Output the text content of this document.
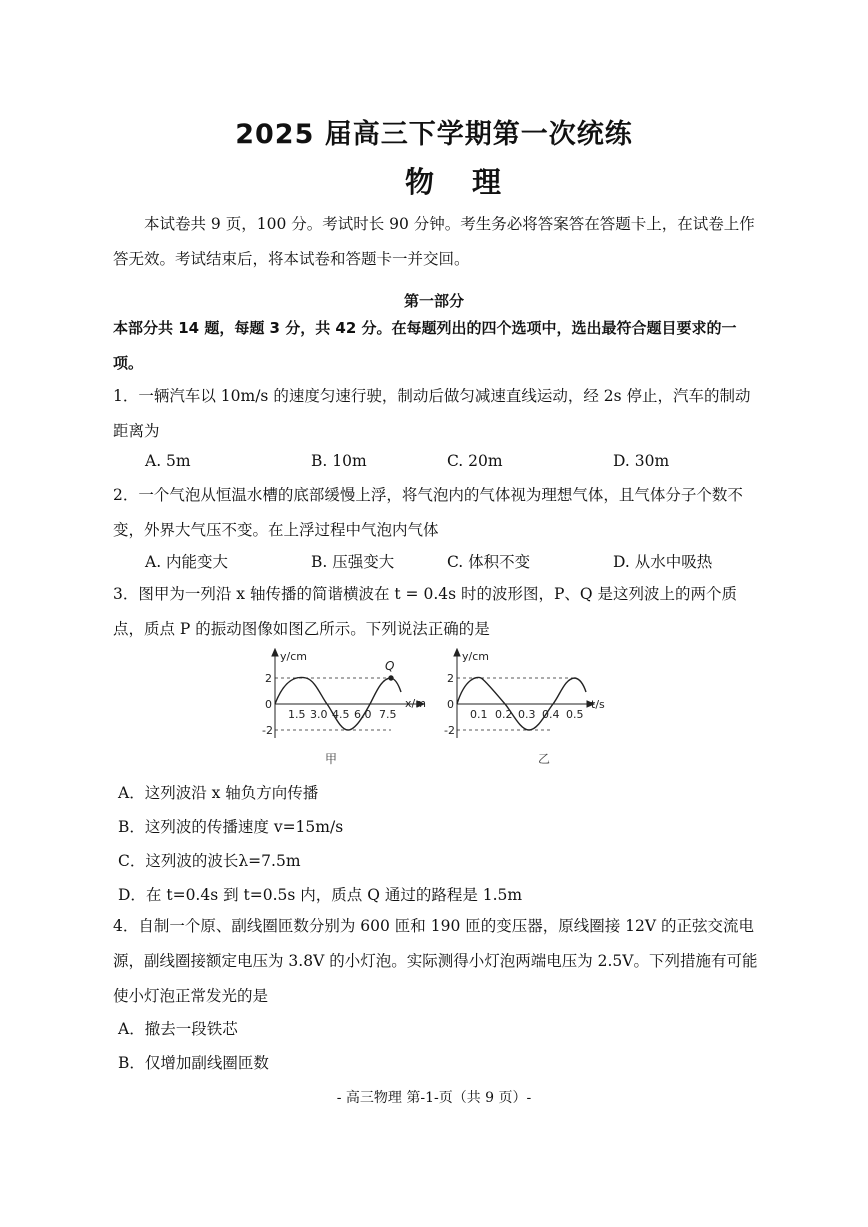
2025 届高三下学期第一次统练
物理
本试卷共 9 页，100 分。考试时长 90 分钟。考生务必将答案答在答题卡上，在试卷上作答无效。考试结束后，将本试卷和答题卡一并交回。
第一部分
本部分共 14 题，每题 3 分，共 42 分。在每题列出的四个选项中，选出最符合题目要求的一项。
1．一辆汽车以 10m/s 的速度匀速行驶，制动后做匀减速直线运动，经 2s 停止，汽车的制动距离为
A. 5m	B. 10m	C. 20m	D. 30m
2．一个气泡从恒温水槽的底部缓慢上浮，将气泡内的气体视为理想气体，且气体分子个数不变，外界大气压不变。在上浮过程中气泡内气体
A. 内能变大	B. 压强变大	C. 体积不变	D. 从水中吸热
3．图甲为一列沿 x 轴传播的简谐横波在 t = 0.4s 时的波形图，P、Q 是这列波上的两个质点，质点 P 的振动图像如图乙所示。下列说法正确的是
y/cm
x/m
Q
2
-2
0
1.5 3.0 4.5 6.0 7.5
甲
y/cm
t/s
2
-2
0
0.1 0.2 0.3 0.4 0.5
乙
A．这列波沿 x 轴负方向传播
B．这列波的传播速度 v=15m/s
C．这列波的波长λ=7.5m
D．在 t=0.4s 到 t=0.5s 内，质点 Q 通过的路程是 1.5m
4．自制一个原、副线圈匝数分别为 600 匝和 190 匝的变压器，原线圈接 12V 的正弦交流电源，副线圈接额定电压为 3.8V 的小灯泡。实际测得小灯泡两端电压为 2.5V。下列措施有可能使小灯泡正常发光的是
A．撤去一段铁芯
B．仅增加副线圈匝数
- 高三物理 第-1-页（共 9 页）-
